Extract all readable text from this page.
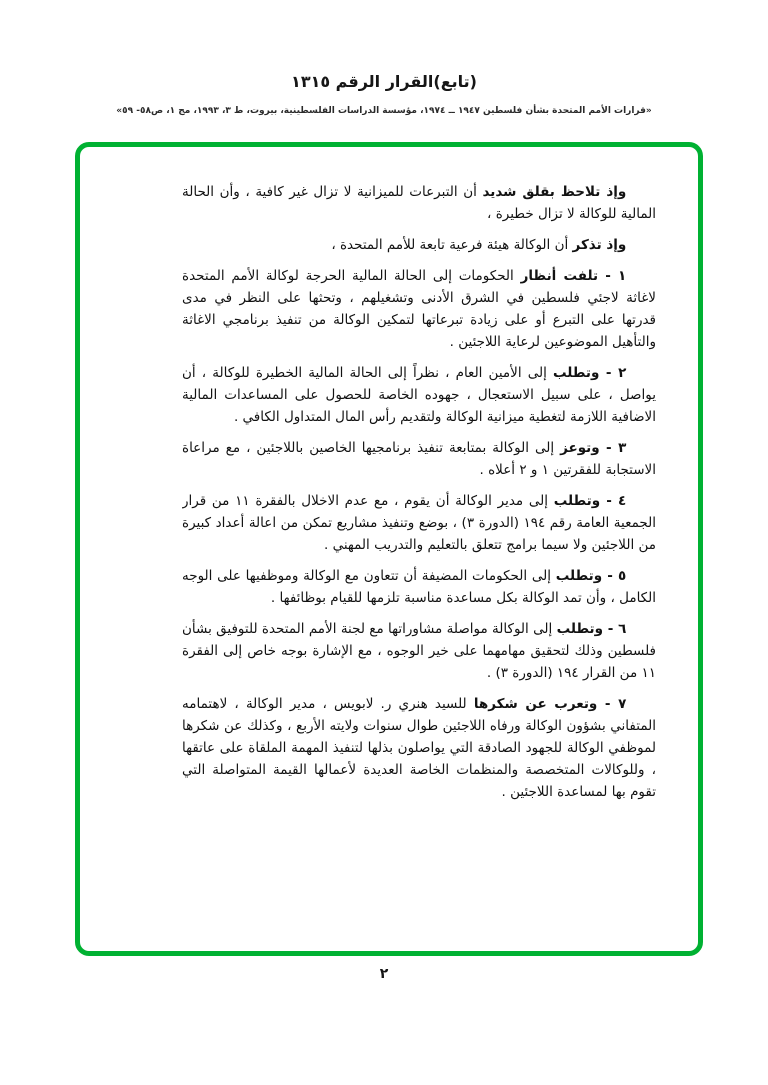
(تابع)القرار الرقم ١٣١٥
«قرارات الأمم المتحدة بشأن فلسطين ١٩٤٧ ــ ١٩٧٤، مؤسسة الدراسات الفلسطينية، بيروت، ط ٣، ١٩٩٣، مج ١، ص٥٨- ٥٩»

وإذ تلاحظ بقلق شديد أن التبرعات للميزانية لا تزال غير كافية ، وأن الحالة المالية للوكالة لا تزال خطيرة ،

وإذ تذكر أن الوكالة هيئة فرعية تابعة للأمم المتحدة ،

١ - تلفت أنظار الحكومات إلى الحالة المالية الحرجة لوكالة الأمم المتحدة لاغاثة لاجئي فلسطين في الشرق الأدنى وتشغيلهم ، وتحثها على النظر في مدى قدرتها على التبرع أو على زيادة تبرعاتها لتمكين الوكالة من تنفيذ برنامجي الاغاثة والتأهيل الموضوعين لرعاية اللاجئين .

٢ - وتطلب إلى الأمين العام ، نظراً إلى الحالة المالية الخطيرة للوكالة ، أن يواصل ، على سبيل الاستعجال ، جهوده الخاصة للحصول على المساعدات المالية الاضافية اللازمة لتغطية ميزانية الوكالة ولتقديم رأس المال المتداول الكافي .

٣ - وتوعز إلى الوكالة بمتابعة تنفيذ برنامجيها الخاصين باللاجئين ، مع مراعاة الاستجابة للفقرتين ١ و ٢ أعلاه .

٤ - وتطلب إلى مدير الوكالة أن يقوم ، مع عدم الاخلال بالفقرة ١١ من قرار الجمعية العامة رقم ١٩٤ (الدورة ٣) ، بوضع وتنفيذ مشاريع تمكن من اعالة أعداد كبيرة من اللاجئين ولا سيما برامج تتعلق بالتعليم والتدريب المهني .

٥ - وتطلب إلى الحكومات المضيفة أن تتعاون مع الوكالة وموظفيها على الوجه الكامل ، وأن تمد الوكالة بكل مساعدة مناسبة تلزمها للقيام بوظائفها .

٦ - وتطلب إلى الوكالة مواصلة مشاوراتها مع لجنة الأمم المتحدة للتوفيق بشأن فلسطين وذلك لتحقيق مهامهما على خير الوجوه ، مع الإشارة بوجه خاص إلى الفقرة ١١ من القرار ١٩٤ (الدورة ٣) .

٧ - وتعرب عن شكرها للسيد هنري ر. لابويس ، مدير الوكالة ، لاهتمامه المتفاني بشؤون الوكالة ورفاه اللاجئين طوال سنوات ولايته الأربع ، وكذلك عن شكرها لموظفي الوكالة للجهود الصادقة التي يواصلون بذلها لتنفيذ المهمة الملقاة على عاتقها ، وللوكالات المتخصصة والمنظمات الخاصة العديدة لأعمالها القيمة المتواصلة التي تقوم بها لمساعدة اللاجئين .

٢
